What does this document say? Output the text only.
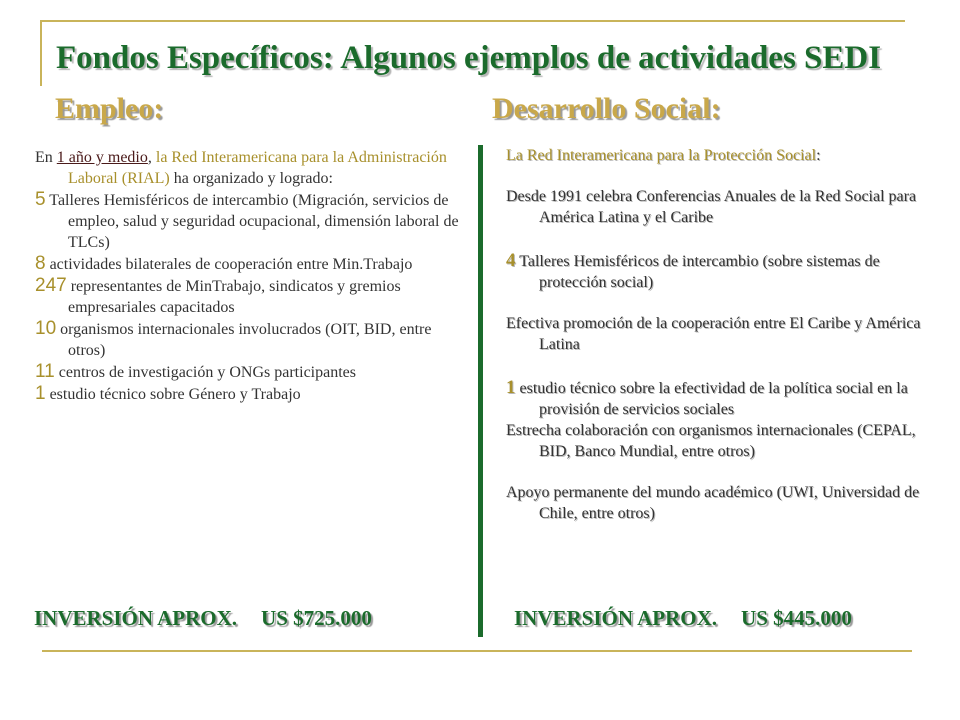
Fondos Específicos: Algunos ejemplos de actividades SEDI
Empleo:	Desarrollo Social:

En 1 año y medio, la Red Interamericana para la Administración Laboral (RIAL) ha organizado y logrado:

5 Talleres Hemisféricos de intercambio (Migración, servicios de empleo, salud y seguridad ocupacional, dimensión laboral de TLCs)

8 actividades bilaterales de cooperación entre Min.Trabajo

247 representantes de MinTrabajo, sindicatos y gremios empresariales capacitados

10 organismos internacionales involucrados (OIT, BID, entre otros)

11 centros de investigación y ONGs participantes

1 estudio técnico sobre Género y Trabajo

La Red Interamericana para la Protección Social:

Desde 1991 celebra Conferencias Anuales de la Red Social para América Latina y el Caribe

4 Talleres Hemisféricos de intercambio (sobre sistemas de protección social)

Efectiva promoción de la cooperación entre El Caribe y América Latina

1 estudio técnico sobre la efectividad de la política social en la provisión de servicios sociales

Estrecha colaboración con organismos internacionales (CEPAL, BID, Banco Mundial, entre otros)

Apoyo permanente del mundo académico (UWI, Universidad de Chile, entre otros)

INVERSIÓN APROX. US $725.000	INVERSIÓN APROX. US $445.000
